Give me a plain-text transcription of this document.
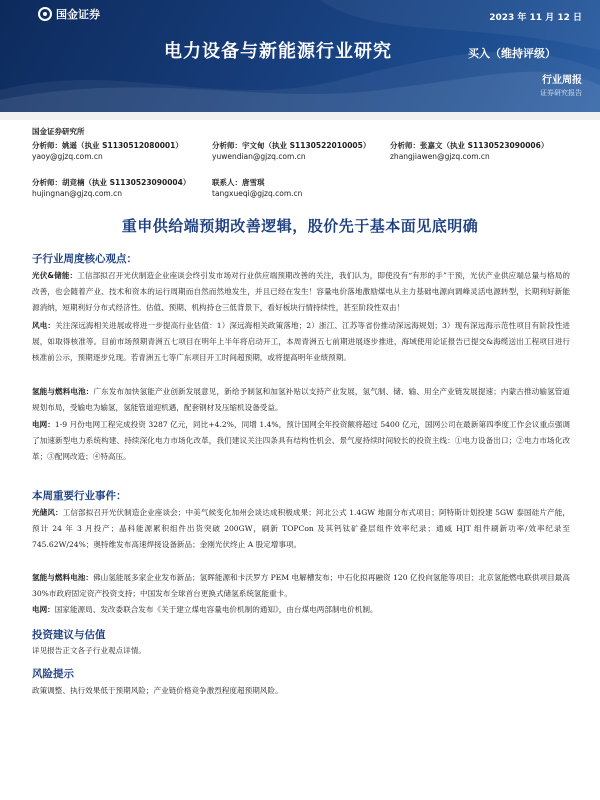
国金证券	2023 年 11 月 12 日
电力设备与新能源行业研究	买入（维持评级）
行业周报
证券研究报告
国金证券研究所
分析师：姚遥（执业 S1130512080001）
yaoy@gjzq.com.cn
分析师：宇文甸（执业 S1130522010005）
yuwendian@gjzq.com.cn
分析师：张嘉文（执业 S1130523090006）
zhangjiawen@gjzq.com.cn
分析师：胡竞楠（执业 S1130523090004）
hujingnan@gjzq.com.cn
联系人：唐雪琪
tangxueqi@gjzq.com.cn
重申供给端预期改善逻辑，股价先于基本面见底明确
子行业周度核心观点：
光伏&储能：工信部拟召开光伏制造企业座谈会终引发市场对行业供应端预期改善的关注，我们认为，即使没有“有形的手”干预，光伏产业供应端总量与格局的改善，也会随着产业、技术和资本的运行周期而自然而然地发生，并且已经在发生！容量电价落地激励煤电从主力基础电源向调峰灵活电源转型，长期利好新能源消纳，短期利好分布式经济性。估值、预期、机构持仓三低背景下，看好板块行情持续性，甚至阶段性双击！
风电：关注深远海相关进展或将进一步提高行业估值：1）深远海相关政策落地；2）浙江、江苏等省份推动深远海规划；3）现有深远海示范性项目有阶段性进展，如取得核准等。目前市场预期青洲五七项目在明年上半年将启动开工，本周青洲五七前期进展逐步推进，海域使用论证报告已提交&海缆送出工程项目进行核准前公示，预期逐步兑现。若青洲五七等广东项目开工时间超预期，或将提高明年业绩预期。
氢能与燃料电池：广东发布加快氢能产业创新发展意见，新给予制氢和加氢补贴以支持产业发展，氢气制、储、输、用全产业链发展提速；内蒙古推动输氢管道规划布局，受输电为输氢，氢能管道迎机遇，配套钢材及压缩机设备受益。
电网：1-9 月份电网工程完成投资 3287 亿元，同比+4.2%，同增 1.4%，预计国网全年投资额将超过 5400 亿元，国网公司在最新第四季度工作会议重点强调了加速新型电力系统构建、持续深化电力市场化改革，我们建议关注四条具有结构性机会、景气度持续时间较长的投资主线：①电力设备出口；②电力市场化改革；③配网改造；④特高压。
本周重要行业事件：
光储风：工信部拟召开光伏制造企业座谈会；中美气候变化加州会谈达成积极成果；河北公式 1.4GW 地面分布式项目；阿特斯计划投建 5GW 泰国硅片产能，预计 24 年 3 月投产；晶科能源累积组件出货突破 200GW，刷新 TOPCon 及其钙钛矿叠层组件效率纪录；通威 HJT 组件刷新功率/效率纪录至 745.62W/24%；奥特维发布高速焊接设备新品；金刚光伏终止 A 股定增事项。
氢能与燃料电池：佛山氢能展多家企业发布新品；氢晖能源和卡沃罗方 PEM 电解槽发布；中石化拟再融资 120 亿投向氢能等项目；北京氢能燃电联供项目最高 30%市政府固定资产投资支持；中国发布全球首台更换式储氢系统氢能重卡。
电网：国家能源局、发改委联合发布《关于建立煤电容量电价机制的通知》，由台煤电两部制电价机制。
投资建议与估值
详见报告正文各子行业观点详情。
风险提示
政策调整、执行效果低于预期风险；产业链价格竞争激烈程度超预期风险。
